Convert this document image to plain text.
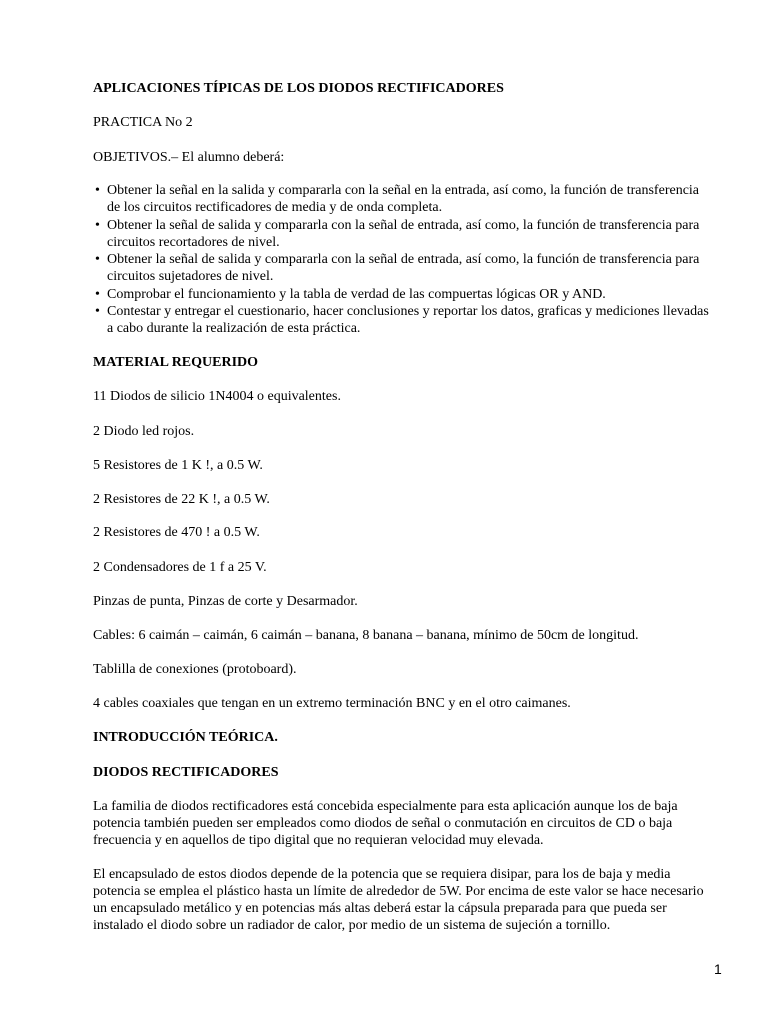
APLICACIONES TÍPICAS DE LOS DIODOS RECTIFICADORES
PRACTICA No 2
OBJETIVOS.– El alumno deberá:
• Obtener la señal en la salida y compararla con la señal en la entrada, así como, la función de transferencia
de los circuitos rectificadores de media y de onda completa.
• Obtener la señal de salida y compararla con la señal de entrada, así como, la función de transferencia para
circuitos recortadores de nivel.
• Obtener la señal de salida y compararla con la señal de entrada, así como, la función de transferencia para
circuitos sujetadores de nivel.
• Comprobar el funcionamiento y la tabla de verdad de las compuertas lógicas OR y AND.
• Contestar y entregar el cuestionario, hacer conclusiones y reportar los datos, graficas y mediciones llevadas
a cabo durante la realización de esta práctica.
MATERIAL REQUERIDO
11 Diodos de silicio 1N4004 o equivalentes.
2 Diodo led rojos.
5 Resistores de 1 K !, a 0.5 W.
2 Resistores de 22 K !, a 0.5 W.
2 Resistores de 470 ! a 0.5 W.
2 Condensadores de 1 f a 25 V.
Pinzas de punta, Pinzas de corte y Desarmador.
Cables: 6 caimán – caimán, 6 caimán – banana, 8 banana – banana, mínimo de 50cm de longitud.
Tablilla de conexiones (protoboard).
4 cables coaxiales que tengan en un extremo terminación BNC y en el otro caimanes.
INTRODUCCIÓN TEÓRICA.
DIODOS RECTIFICADORES
La familia de diodos rectificadores está concebida especialmente para esta aplicación aunque los de baja
potencia también pueden ser empleados como diodos de señal o conmutación en circuitos de CD o baja
frecuencia y en aquellos de tipo digital que no requieran velocidad muy elevada.
El encapsulado de estos diodos depende de la potencia que se requiera disipar, para los de baja y media
potencia se emplea el plástico hasta un límite de alrededor de 5W. Por encima de este valor se hace necesario
un encapsulado metálico y en potencias más altas deberá estar la cápsula preparada para que pueda ser
instalado el diodo sobre un radiador de calor, por medio de un sistema de sujeción a tornillo.
1
